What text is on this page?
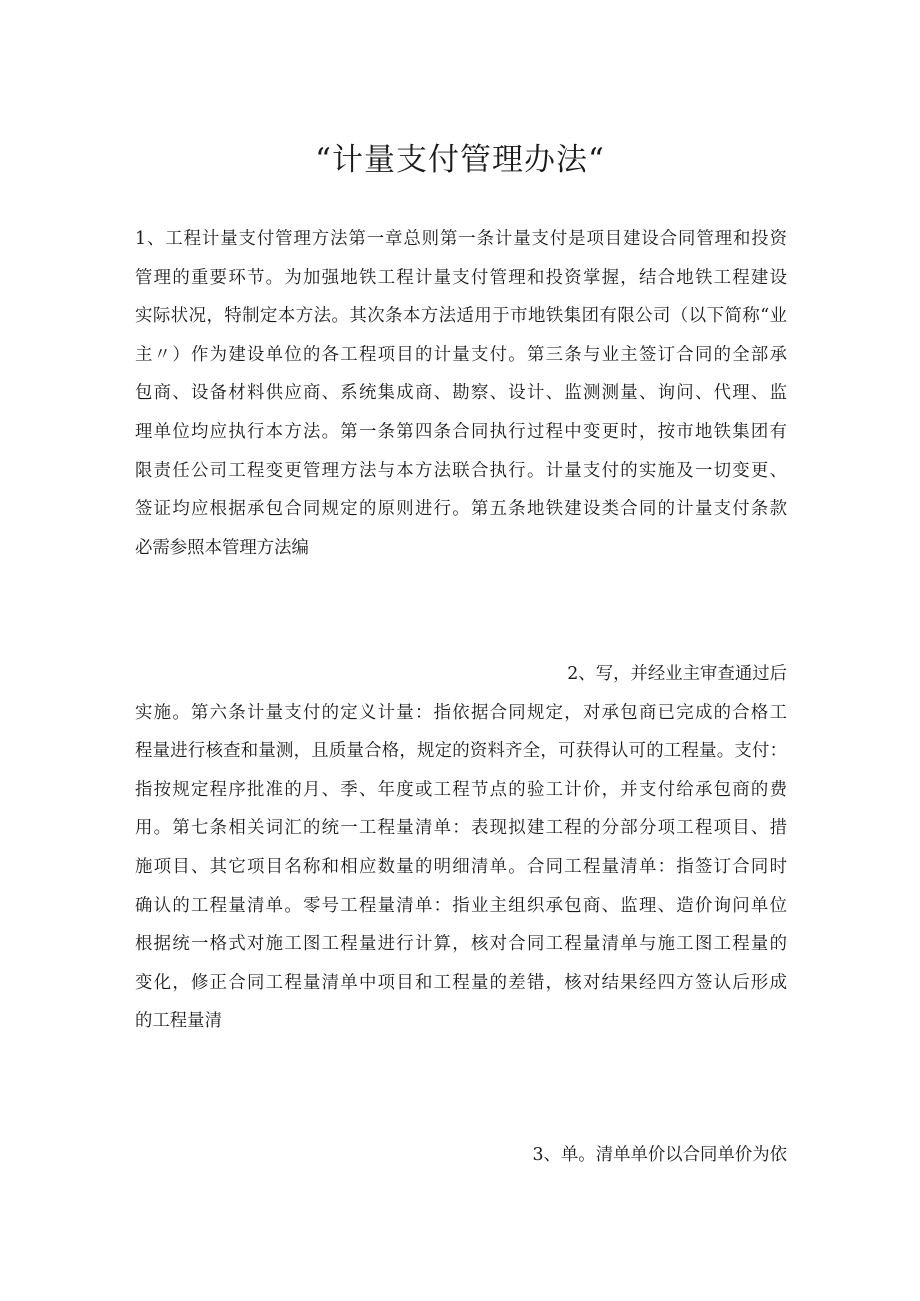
“计量支付管理办法“
1、工程计量支付管理方法第一章总则第一条计量支付是项目建设合同管理和投资
管理的重要环节。为加强地铁工程计量支付管理和投资掌握，结合地铁工程建设
实际状况，特制定本方法。其次条本方法适用于市地铁集团有限公司（以下简称“业
主〃）作为建设单位的各工程项目的计量支付。第三条与业主签订合同的全部承
包商、设备材料供应商、系统集成商、勘察、设计、监测测量、询问、代理、监
理单位均应执行本方法。第一条第四条合同执行过程中变更时，按市地铁集团有
限责任公司工程变更管理方法与本方法联合执行。计量支付的实施及一切变更、
签证均应根据承包合同规定的原则进行。第五条地铁建设类合同的计量支付条款
必需参照本管理方法编
2、写，并经业主审查通过后
实施。第六条计量支付的定义计量：指依据合同规定，对承包商已完成的合格工
程量进行核查和量测，且质量合格，规定的资料齐全，可获得认可的工程量。支付：
指按规定程序批准的月、季、年度或工程节点的验工计价，并支付给承包商的费
用。第七条相关词汇的统一工程量清单：表现拟建工程的分部分项工程项目、措
施项目、其它项目名称和相应数量的明细清单。合同工程量清单：指签订合同时
确认的工程量清单。零号工程量清单：指业主组织承包商、监理、造价询问单位
根据统一格式对施工图工程量进行计算，核对合同工程量清单与施工图工程量的
变化，修正合同工程量清单中项目和工程量的差错，核对结果经四方签认后形成
的工程量清
3、单。清单单价以合同单价为依
